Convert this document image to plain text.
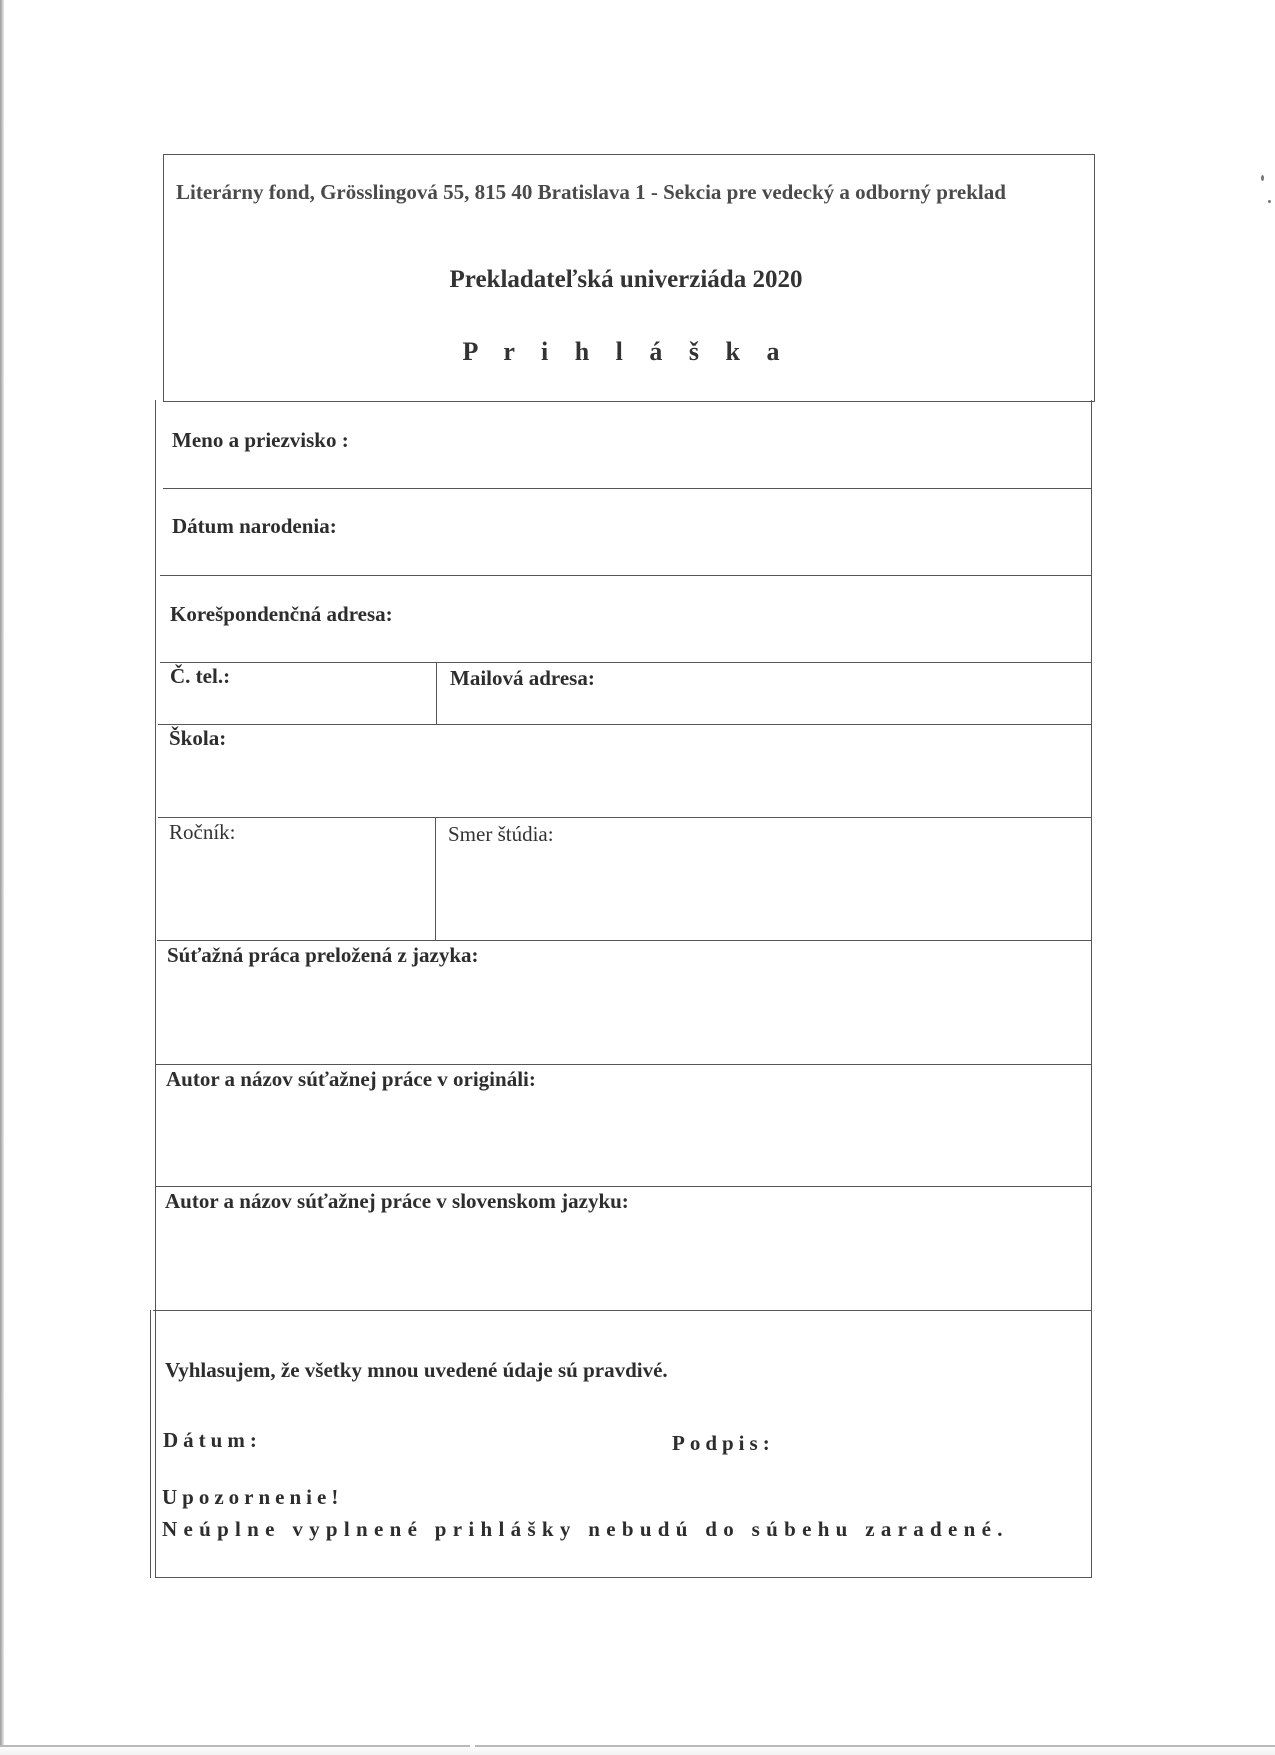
Literárny fond, Grösslingová 55, 815 40 Bratislava 1 - Sekcia pre vedecký a odborný preklad
Prekladateľská univerziáda 2020
P r i h l á š k a
Meno a priezvisko :
Dátum narodenia:
Korešpondenčná adresa:
Č. tel.:	Mailová adresa:
Škola:
Ročník:	Smer štúdia:
Súťažná práca preložená z jazyka:
Autor a názov súťažnej práce v origináli:
Autor a názov súťažnej práce v slovenskom jazyku:
Vyhlasujem, že všetky mnou uvedené údaje sú pravdivé.
Dátum:	Podpis:
Upozornenie!
Neúplne vyplnené prihlášky nebudú do súbehu zaradené.
